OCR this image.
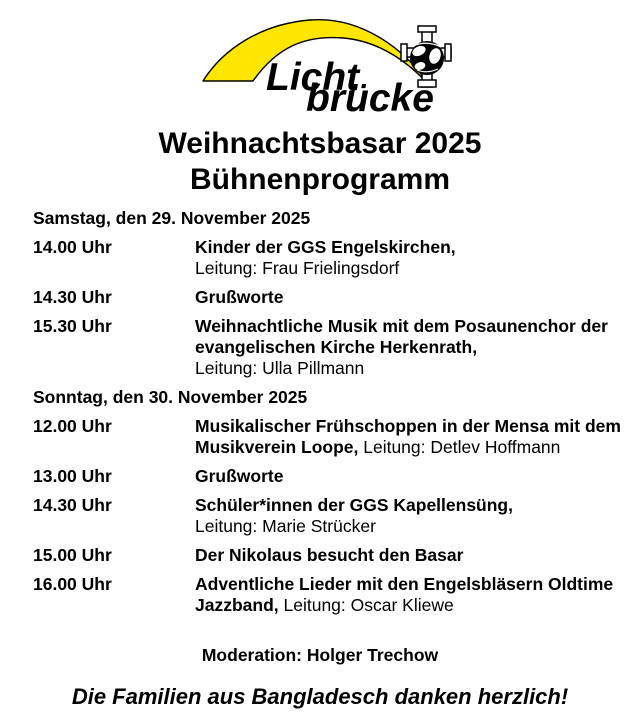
Licht
brücke
Weihnachtsbasar 2025
Bühnenprogramm
Samstag, den 29. November 2025
14.00 Uhr	Kinder der GGS Engelskirchen,
Leitung: Frau Frielingsdorf
14.30 Uhr	Grußworte
15.30 Uhr	Weihnachtliche Musik mit dem Posaunenchor der
evangelischen Kirche Herkenrath,
Leitung: Ulla Pillmann
Sonntag, den 30. November 2025
12.00 Uhr	Musikalischer Frühschoppen in der Mensa mit dem
Musikverein Loope, Leitung: Detlev Hoffmann
13.00 Uhr	Grußworte
14.30 Uhr	Schüler*innen der GGS Kapellensüng,
Leitung: Marie Strücker
15.00 Uhr	Der Nikolaus besucht den Basar
16.00 Uhr	Adventliche Lieder mit den Engelsbläsern Oldtime
Jazzband, Leitung: Oscar Kliewe
Moderation: Holger Trechow
Die Familien aus Bangladesch danken herzlich!
